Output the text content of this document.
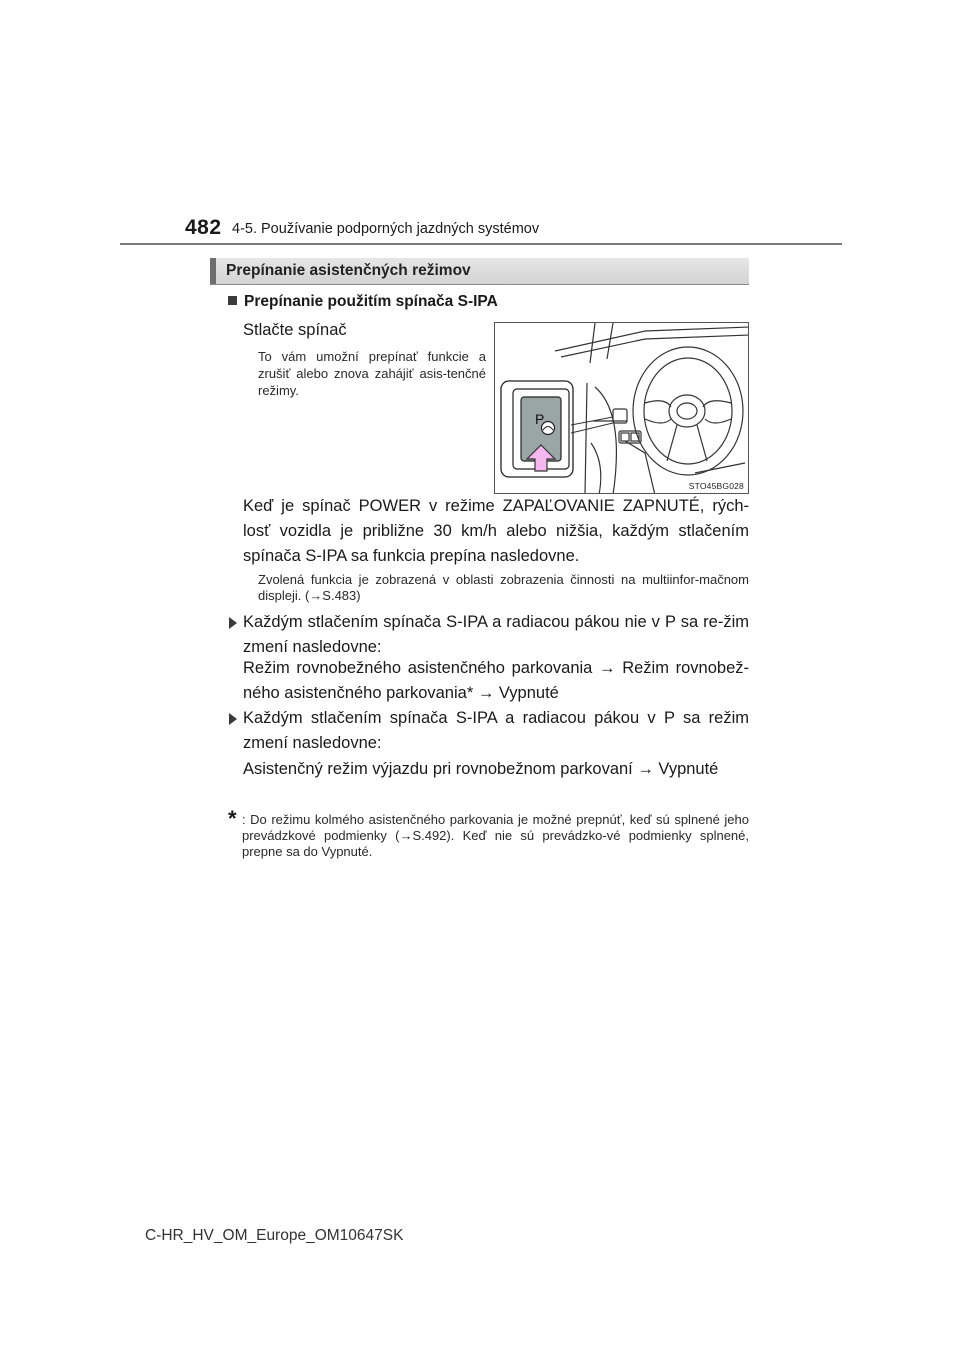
482 4-5. Používanie podporných jazdných systémov
Prepínanie asistenčných režimov
Prepínanie použitím spínača S-IPA
Stlačte spínač
To vám umožní prepínať funkcie a zrušiť alebo znova zahájiť asis-tenčné režimy.
P
STO45BG028
Keď je spínač POWER v režime ZAPAĽOVANIE ZAPNUTÉ, rých-losť vozidla je približne 30 km/h alebo nižšia, každým stlačením spínača S-IPA sa funkcia prepína nasledovne.
Zvolená funkcia je zobrazená v oblasti zobrazenia činnosti na multiinfor-mačnom displeji. (→S.483)
Každým stlačením spínača S-IPA a radiacou pákou nie v P sa re-žim zmení nasledovne:
Režim rovnobežného asistenčného parkovania → Režim rovnobež-ného asistenčného parkovania* → Vypnuté
Každým stlačením spínača S-IPA a radiacou pákou v P sa režim zmení nasledovne:
Asistenčný režim výjazdu pri rovnobežnom parkovaní → Vypnuté
* : Do režimu kolmého asistenčného parkovania je možné prepnúť, keď sú splnené jeho prevádzkové podmienky (→S.492). Keď nie sú prevádzko-vé podmienky splnené, prepne sa do Vypnuté.
C-HR_HV_OM_Europe_OM10647SK
